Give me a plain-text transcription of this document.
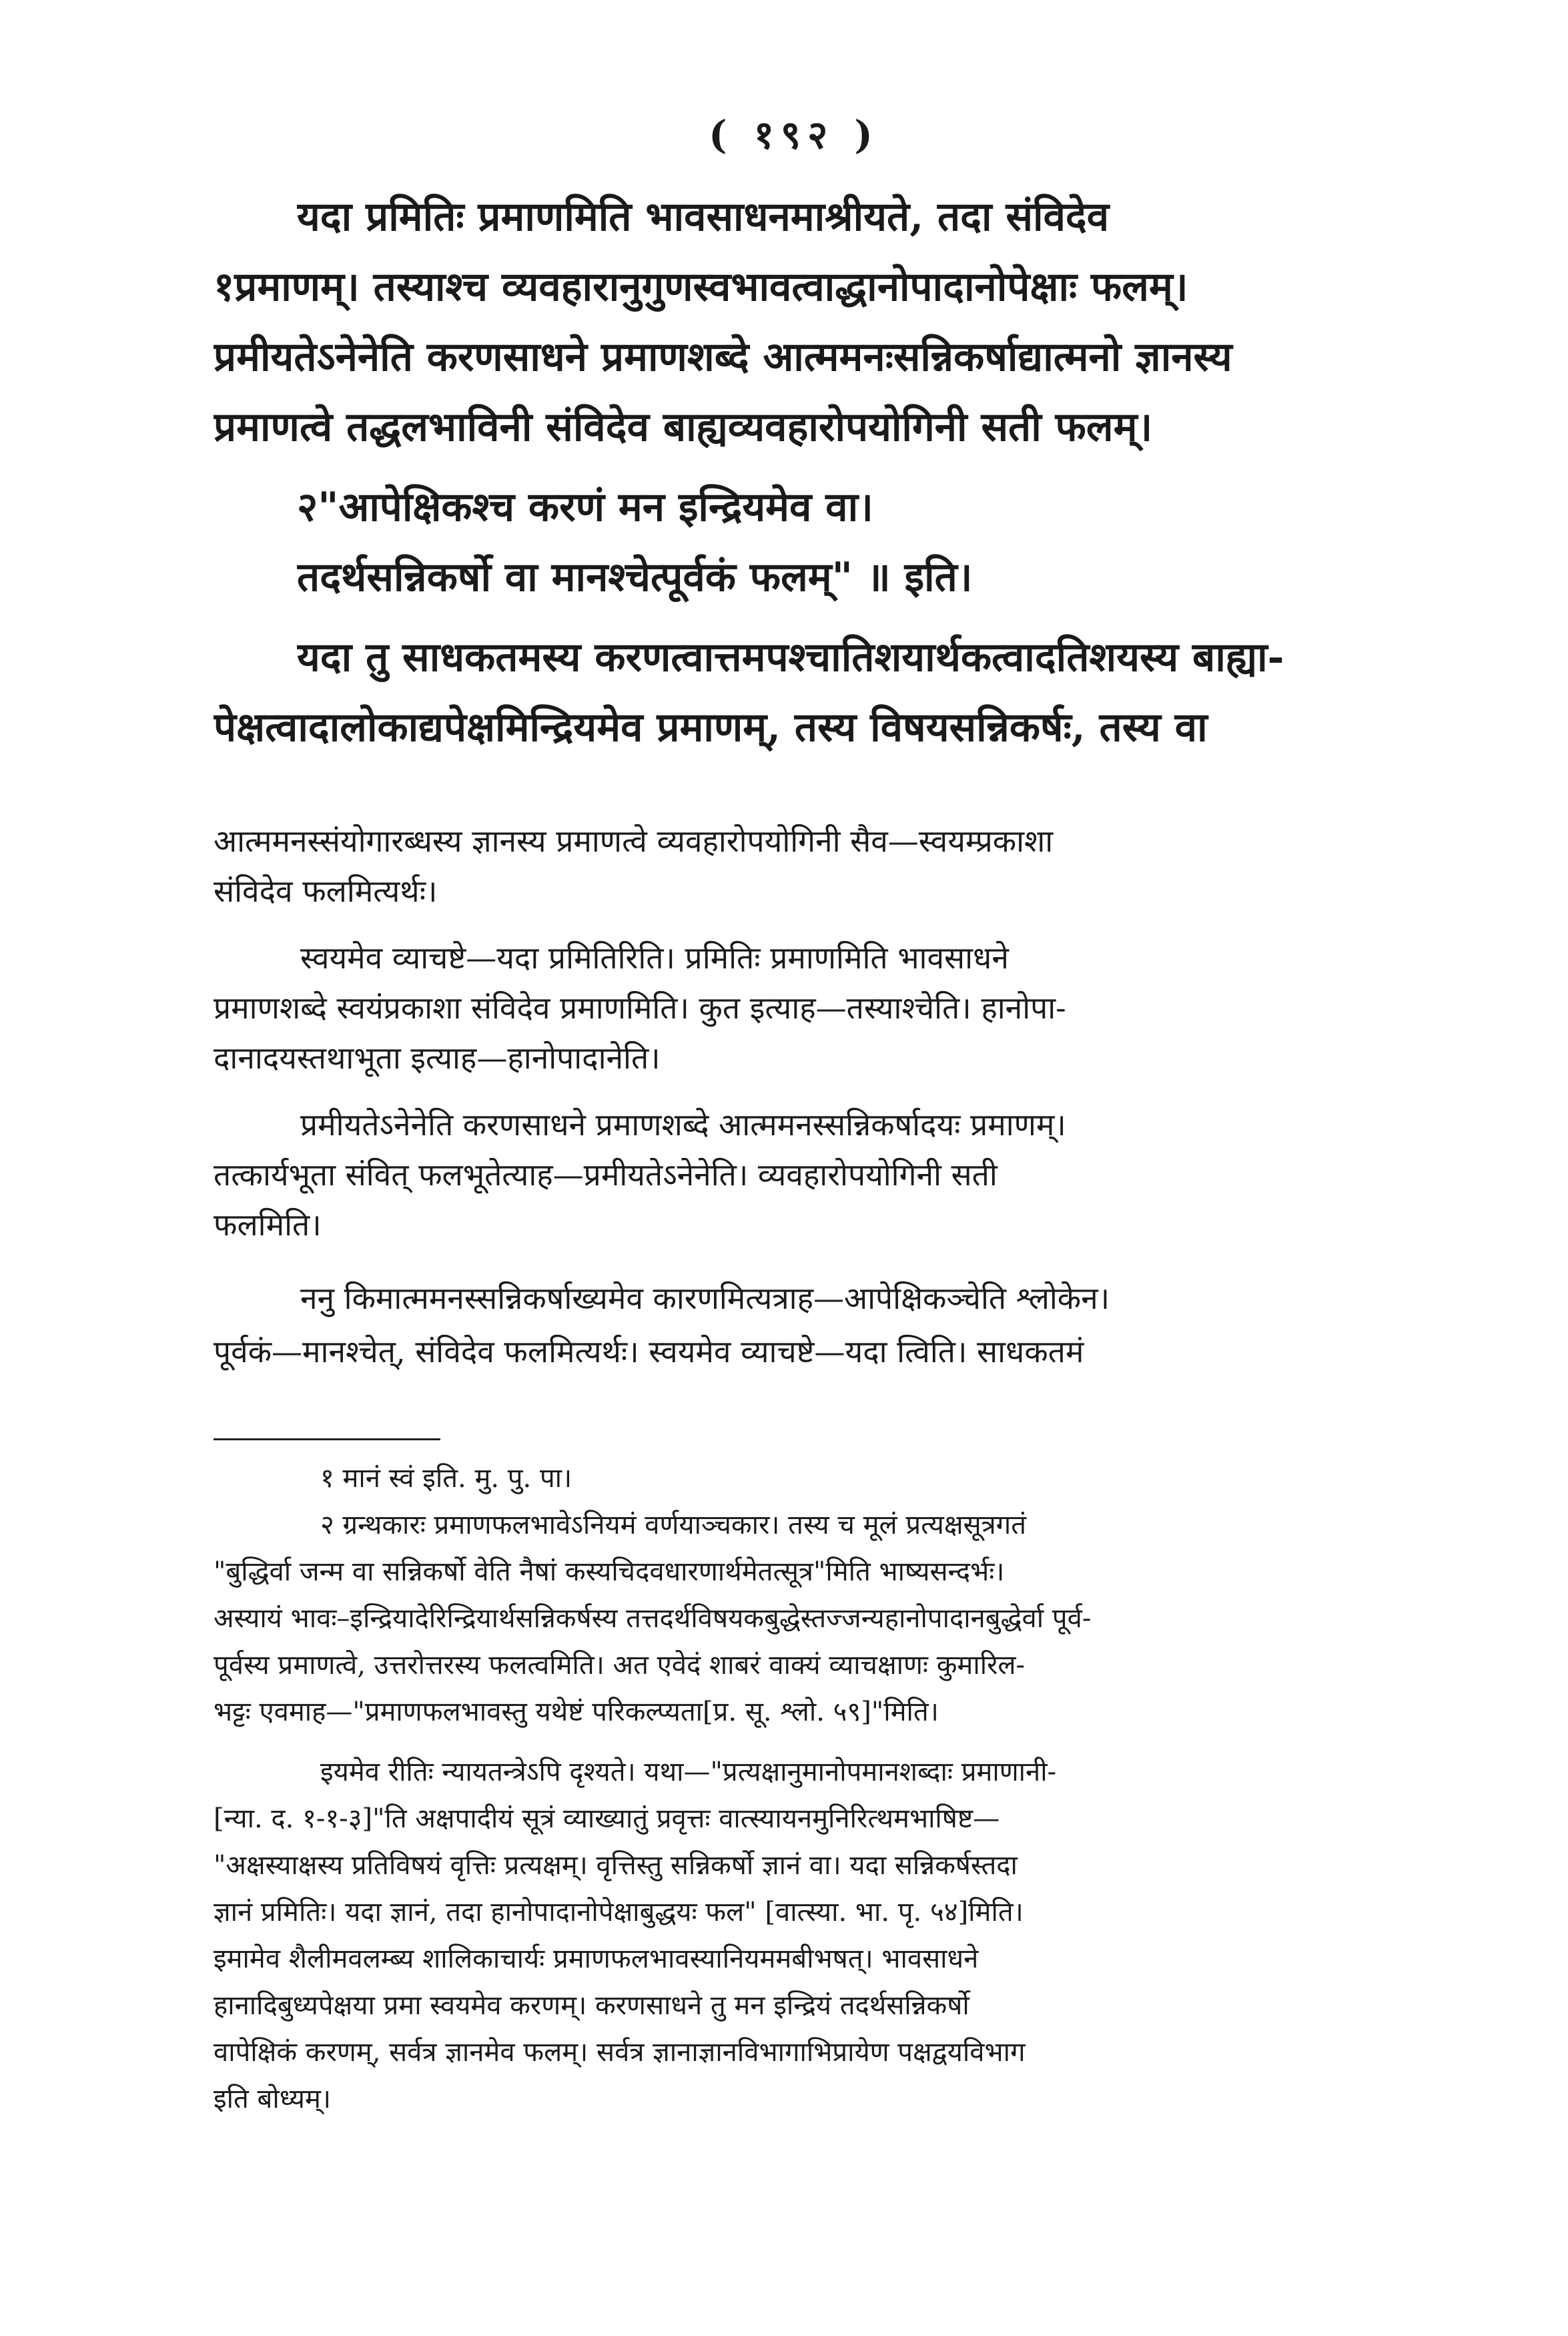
( १९२ )
यदा प्रमितिः प्रमाणमिति भावसाधनमाश्रीयते, तदा संविदेव
१प्रमाणम्। तस्याश्च व्यवहारानुगुणस्वभावत्वाद्धानोपादानोपेक्षाः फलम्।
प्रमीयतेऽनेनेति करणसाधने प्रमाणशब्दे आत्ममनःसन्निकर्षाद्यात्मनो ज्ञानस्य
प्रमाणत्वे तद्धलभाविनी संविदेव बाह्यव्यवहारोपयोगिनी सती फलम्।
२"आपेक्षिकश्च करणं मन इन्द्रियमेव वा।
तदर्थसन्निकर्षो वा मानश्चेत्पूर्वकं फलम्" ॥ इति।
यदा तु साधकतमस्य करणत्वात्तमपश्चातिशयार्थकत्वादतिशयस्य बाह्या-
पेक्षत्वादालोकाद्यपेक्षमिन्द्रियमेव प्रमाणम्, तस्य विषयसन्निकर्षः, तस्य वा
आत्ममनस्संयोगारब्धस्य ज्ञानस्य प्रमाणत्वे व्यवहारोपयोगिनी सैव—स्वयम्प्रकाशा
संविदेव फलमित्यर्थः।
स्वयमेव व्याचष्टे—यदा प्रमितिरिति। प्रमितिः प्रमाणमिति भावसाधने
प्रमाणशब्दे स्वयंप्रकाशा संविदेव प्रमाणमिति। कुत इत्याह—तस्याश्चेति। हानोपा-
दानादयस्तथाभूता इत्याह—हानोपादानेति।
प्रमीयतेऽनेनेति करणसाधने प्रमाणशब्दे आत्ममनस्सन्निकर्षादयः प्रमाणम्।
तत्कार्यभूता संवित् फलभूतेत्याह—प्रमीयतेऽनेनेति। व्यवहारोपयोगिनी सती
फलमिति।
ननु किमात्ममनस्सन्निकर्षाख्यमेव कारणमित्यत्राह—आपेक्षिकञ्चेति श्लोकेन।
पूर्वकं—मानश्चेत्, संविदेव फलमित्यर्थः। स्वयमेव व्याचष्टे—यदा त्विति। साधकतमं
१ मानं स्वं इति. मु. पु. पा।
२ ग्रन्थकारः प्रमाणफलभावेऽनियमं वर्णयाञ्चकार। तस्य च मूलं प्रत्यक्षसूत्रगतं
"बुद्धिर्वा जन्म वा सन्निकर्षो वेति नैषां कस्यचिदवधारणार्थमेतत्सूत्र"मिति भाष्यसन्दर्भः।
अस्यायं भावः–इन्द्रियादेरिन्द्रियार्थसन्निकर्षस्य तत्तदर्थविषयकबुद्धेस्तज्जन्यहानोपादानबुद्धेर्वा पूर्व-
पूर्वस्य प्रमाणत्वे, उत्तरोत्तरस्य फलत्वमिति। अत एवेदं शाबरं वाक्यं व्याचक्षाणः कुमारिल-
भट्टः एवमाह—"प्रमाणफलभावस्तु यथेष्टं परिकल्प्यता[प्र. सू. श्लो. ५९]"मिति।
इयमेव रीतिः न्यायतन्त्रेऽपि दृश्यते। यथा—"प्रत्यक्षानुमानोपमानशब्दाः प्रमाणानी-
[न्या. द. १-१-३]"ति अक्षपादीयं सूत्रं व्याख्यातुं प्रवृत्तः वात्स्यायनमुनिरित्थमभाषिष्ट—
"अक्षस्याक्षस्य प्रतिविषयं वृत्तिः प्रत्यक्षम्। वृत्तिस्तु सन्निकर्षो ज्ञानं वा। यदा सन्निकर्षस्तदा
ज्ञानं प्रमितिः। यदा ज्ञानं, तदा हानोपादानोपेक्षाबुद्धयः फल" [वात्स्या. भा. पृ. ५४]मिति।
इमामेव शैलीमवलम्ब्य शालिकाचार्यः प्रमाणफलभावस्यानियममबीभषत्। भावसाधने
हानादिबुध्यपेक्षया प्रमा स्वयमेव करणम्। करणसाधने तु मन इन्द्रियं तदर्थसन्निकर्षो
वापेक्षिकं करणम्, सर्वत्र ज्ञानमेव फलम्। सर्वत्र ज्ञानाज्ञानविभागाभिप्रायेण पक्षद्वयविभाग
इति बोध्यम्।
